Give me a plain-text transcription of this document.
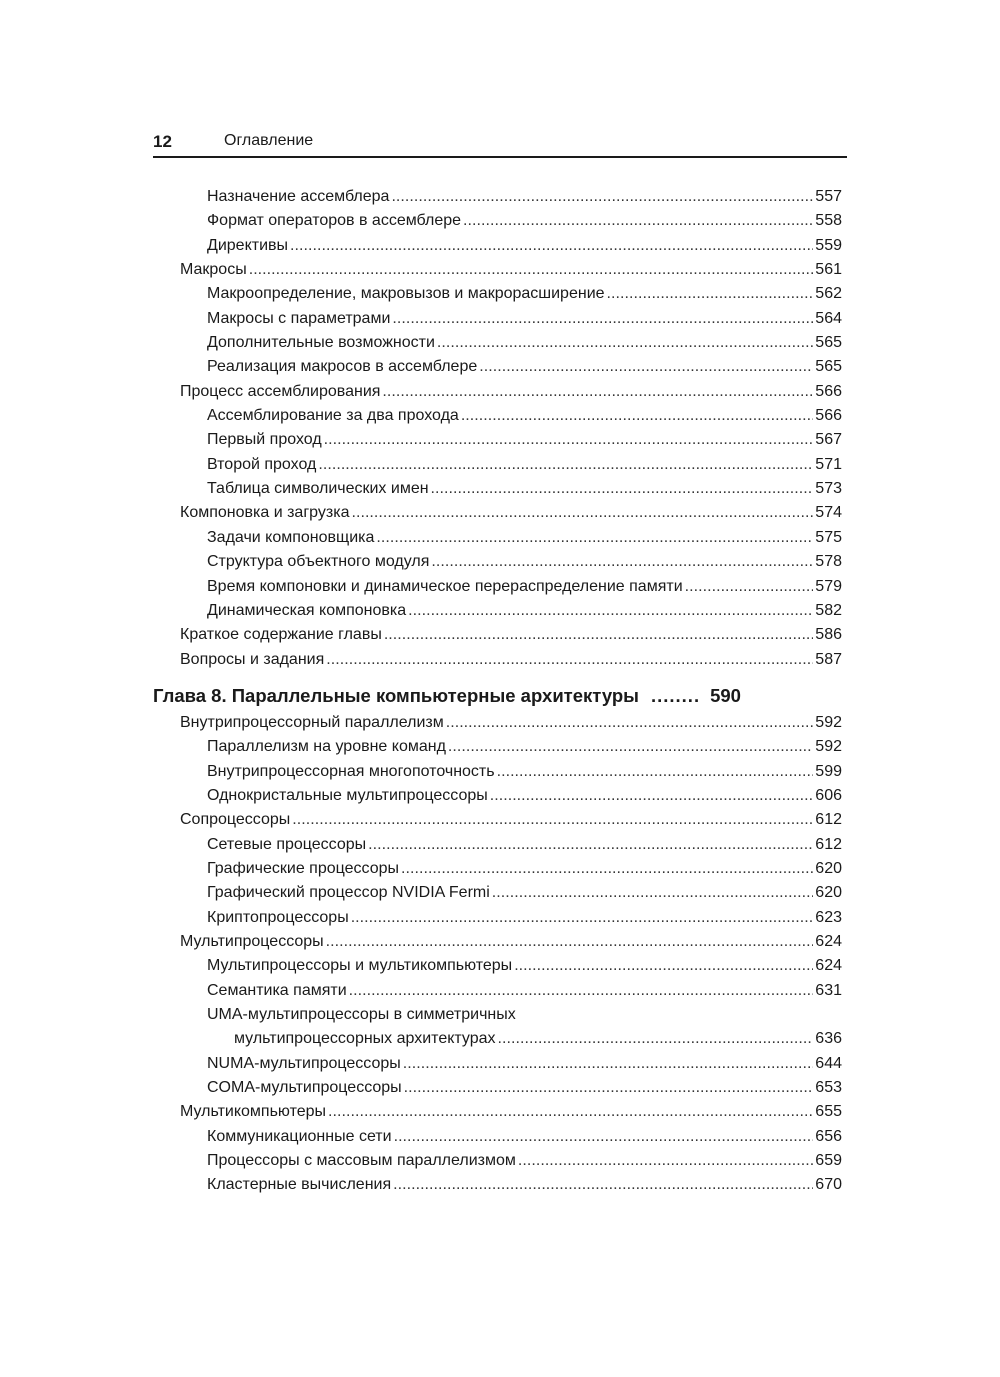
12	Оглавление
Назначение ассемблера . . .	557
Формат операторов в ассемблере . . .	558
Директивы . . .	559
Макросы . . .	561
Макроопределение, макровызов и макрорасширение . . .	562
Макросы с параметрами . . .	564
Дополнительные возможности . . .	565
Реализация макросов в ассемблере . . .	565
Процесс ассемблирования . . .	566
Ассемблирование за два прохода . . .	566
Первый проход . . .	567
Второй проход . . .	571
Таблица символических имен . . .	573
Компоновка и загрузка . . .	574
Задачи компоновщика . . .	575
Структура объектного модуля . . .	578
Время компоновки и динамическое перераспределение памяти . . .	579
Динамическая компоновка . . .	582
Краткое содержание главы . . .	586
Вопросы и задания . . .	587
Глава 8. Параллельные компьютерные архитектуры ........ 590
Внутрипроцессорный параллелизм . . .	592
Параллелизм на уровне команд . . .	592
Внутрипроцессорная многопоточность . . .	599
Однокристальные мультипроцессоры . . .	606
Сопроцессоры . . .	612
Сетевые процессоры . . .	612
Графические процессоры . . .	620
Графический процессор NVIDIA Fermi . . .	620
Криптопроцессоры . . .	623
Мультипроцессоры . . .	624
Мультипроцессоры и мультикомпьютеры . . .	624
Семантика памяти . . .	631
UMA-мультипроцессоры в симметричных
мультипроцессорных архитектурах . . .	636
NUMA-мультипроцессоры . . .	644
COMA-мультипроцессоры . . .	653
Мультикомпьютеры . . .	655
Коммуникационные сети . . .	656
Процессоры с массовым параллелизмом . . .	659
Кластерные вычисления . . .	670
